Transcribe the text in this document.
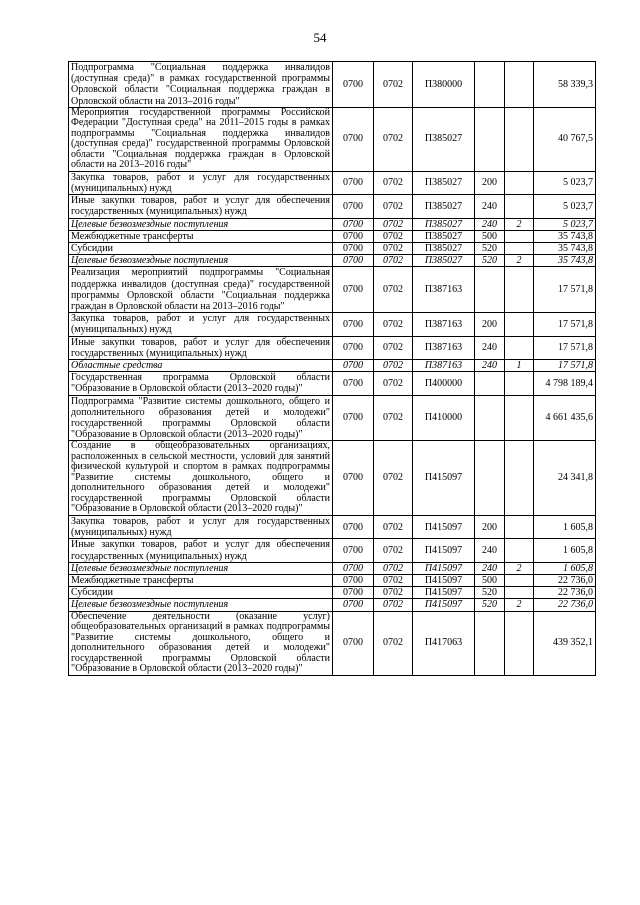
54
Подпрограмма "Социальная поддержка инвалидов (доступная среда)" в рамках государственной программы Орловской области "Социальная поддержка граждан в Орловской области на 2013–2016 годы"	0700	0702	П380000			58 339,3
Мероприятия государственной программы Российской Федерации "Доступная среда" на 2011–2015 годы в рамках подпрограммы "Социальная поддержка инвалидов (доступная среда)" государственной программы Орловской области "Социальная поддержка граждан в Орловской области на 2013–2016 годы"	0700	0702	П385027			40 767,5
Закупка товаров, работ и услуг для государственных (муниципальных) нужд	0700	0702	П385027	200		5 023,7
Иные закупки товаров, работ и услуг для обеспечения государственных (муниципальных) нужд	0700	0702	П385027	240		5 023,7
Целевые безвозмездные поступления	0700	0702	П385027	240	2	5 023,7
Межбюджетные трансферты	0700	0702	П385027	500		35 743,8
Субсидии	0700	0702	П385027	520		35 743,8
Целевые безвозмездные поступления	0700	0702	П385027	520	2	35 743,8
Реализация мероприятий подпрограммы "Социальная поддержка инвалидов (доступная среда)" государственной программы Орловской области "Социальная поддержка граждан в Орловской области на 2013–2016 годы"	0700	0702	П387163			17 571,8
Закупка товаров, работ и услуг для государственных (муниципальных) нужд	0700	0702	П387163	200		17 571,8
Иные закупки товаров, работ и услуг для обеспечения государственных (муниципальных) нужд	0700	0702	П387163	240		17 571,8
Областные средства	0700	0702	П387163	240	1	17 571,8
Государственная программа Орловской области "Образование в Орловской области (2013–2020 годы)"	0700	0702	П400000			4 798 189,4
Подпрограмма "Развитие системы дошкольного, общего и дополнительного образования детей и молодежи" государственной программы Орловской области "Образование в Орловской области (2013–2020 годы)"	0700	0702	П410000			4 661 435,6
Создание в общеобразовательных организациях, расположенных в сельской местности, условий для занятий физической культурой и спортом в рамках подпрограммы "Развитие системы дошкольного, общего и дополнительного образования детей и молодежи" государственной программы Орловской области "Образование в Орловской области (2013–2020 годы)"	0700	0702	П415097			24 341,8
Закупка товаров, работ и услуг для государственных (муниципальных) нужд	0700	0702	П415097	200		1 605,8
Иные закупки товаров, работ и услуг для обеспечения государственных (муниципальных) нужд	0700	0702	П415097	240		1 605,8
Целевые безвозмездные поступления	0700	0702	П415097	240	2	1 605,8
Межбюджетные трансферты	0700	0702	П415097	500		22 736,0
Субсидии	0700	0702	П415097	520		22 736,0
Целевые безвозмездные поступления	0700	0702	П415097	520	2	22 736,0
Обеспечение деятельности (оказание услуг) общеобразовательных организаций в рамках подпрограммы "Развитие системы дошкольного, общего и дополнительного образования детей и молодежи" государственной программы Орловской области "Образование в Орловской области (2013–2020 годы)"	0700	0702	П417063			439 352,1
